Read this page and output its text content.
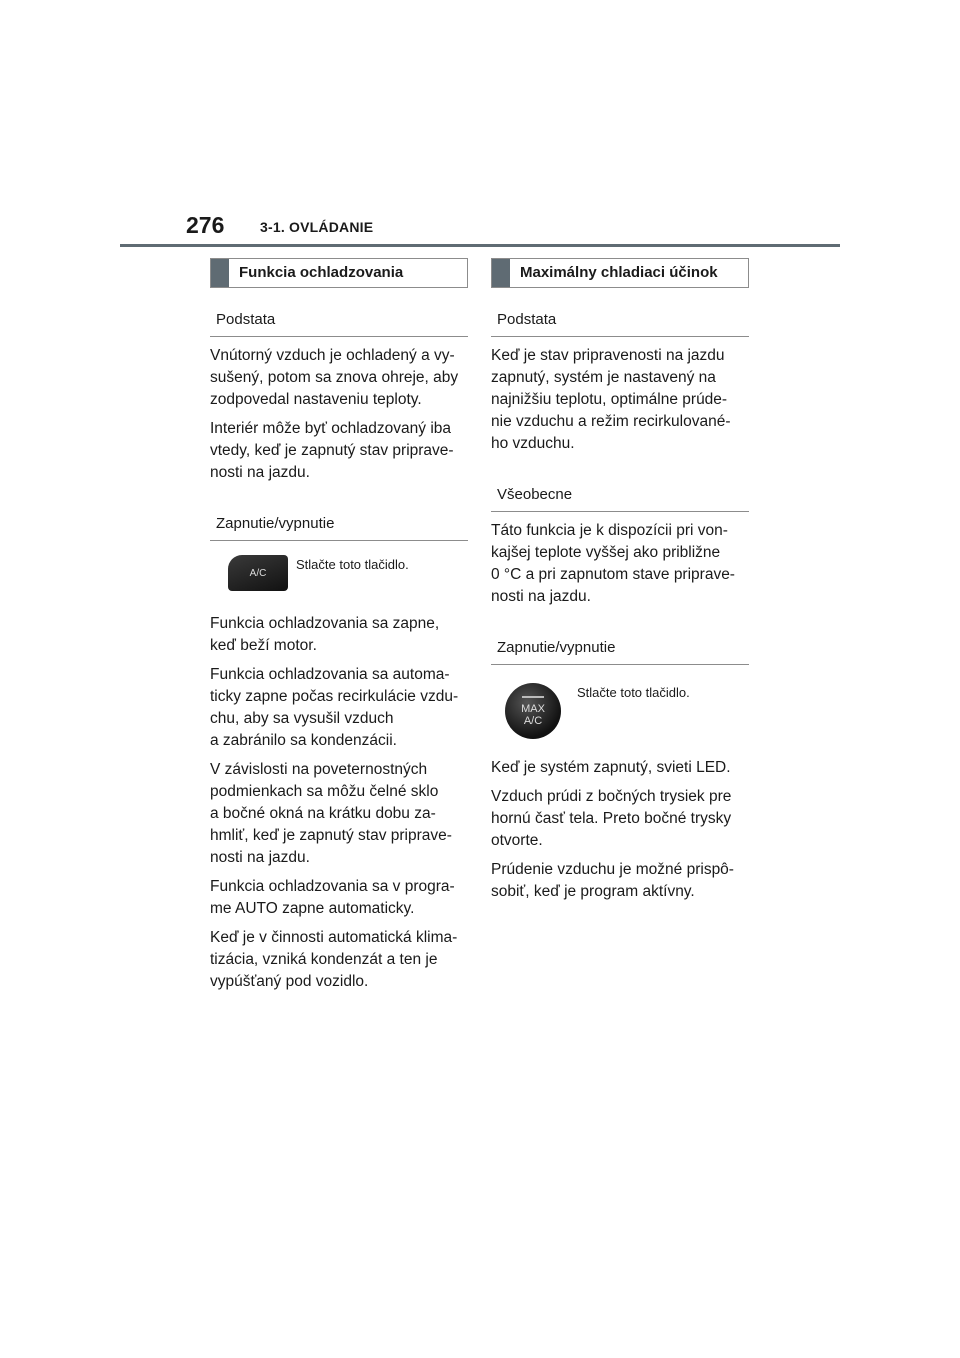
276	3-1. OVLÁDANIE
Funkcia ochladzovania
Podstata

Vnútorný vzduch je ochladený a vy-
sušený, potom sa znova ohreje, aby
zodpovedal nastaveniu teploty.

Interiér môže byť ochladzovaný iba
vtedy, keď je zapnutý stav priprave-
nosti na jazdu.

Zapnutie/vypnutie
A/C
Stlačte toto tlačidlo.

Funkcia ochladzovania sa zapne,
keď beží motor.

Funkcia ochladzovania sa automa-
ticky zapne počas recirkulácie vzdu-
chu, aby sa vysušil vzduch
a zabránilo sa kondenzácii.

V závislosti na poveternostných
podmienkach sa môžu čelné sklo
a bočné okná na krátku dobu za-
hmliť, keď je zapnutý stav priprave-
nosti na jazdu.

Funkcia ochladzovania sa v progra-
me AUTO zapne automaticky.

Keď je v činnosti automatická klima-
tizácia, vzniká kondenzát a ten je
vypúšťaný pod vozidlo.

Maximálny chladiaci účinok
Podstata

Keď je stav pripravenosti na jazdu
zapnutý, systém je nastavený na
najnižšiu teplotu, optimálne prúde-
nie vzduchu a režim recirkulované-
ho vzduchu.

Všeobecne

Táto funkcia je k dispozícii pri von-
kajšej teplote vyššej ako približne
0 °C a pri zapnutom stave priprave-
nosti na jazdu.

Zapnutie/vypnutie
MAX
A/C
Stlačte toto tlačidlo.

Keď je systém zapnutý, svieti LED.

Vzduch prúdi z bočných trysiek pre
hornú časť tela. Preto bočné trysky
otvorte.

Prúdenie vzduchu je možné prispô-
sobiť, keď je program aktívny.
